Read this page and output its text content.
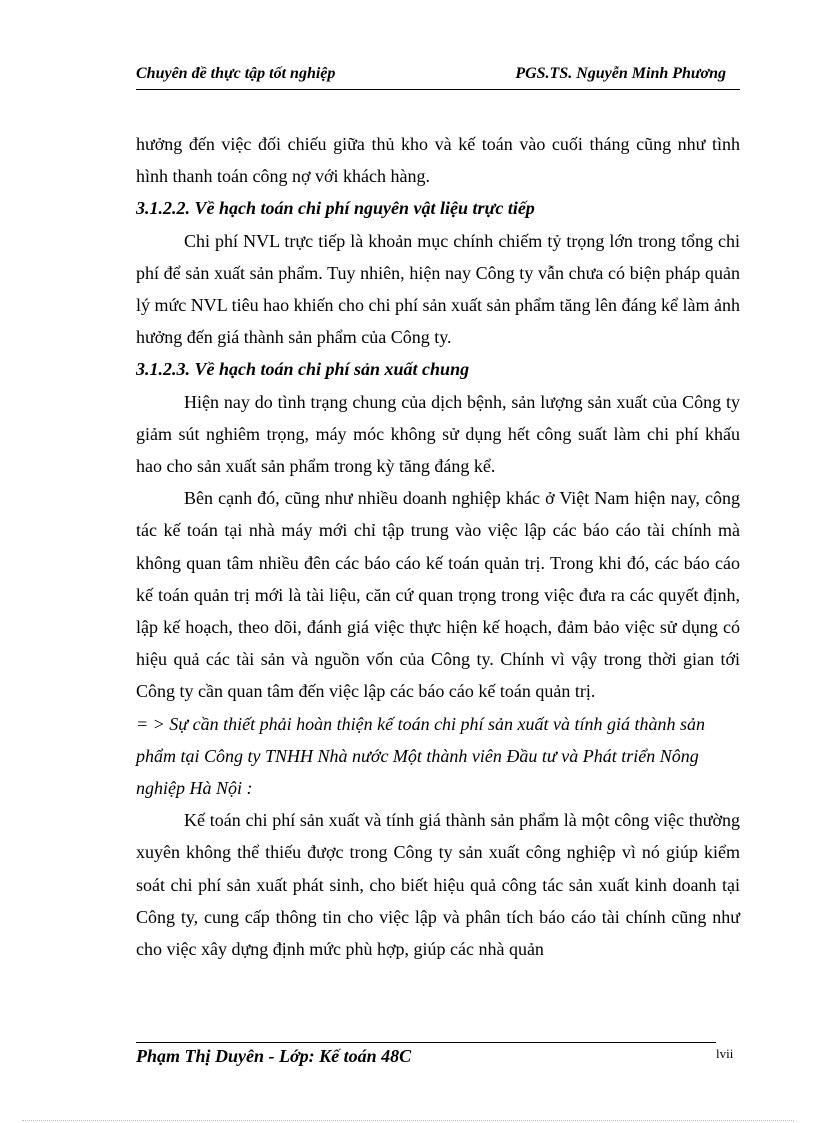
Chuyên đề thực tập tốt nghiệp	PGS.TS. Nguyễn Minh Phương

hưởng đến việc đối chiếu giữa thủ kho và kế toán vào cuối tháng cũng như tình hình thanh toán công nợ với khách hàng.

3.1.2.2. Về hạch toán chi phí nguyên vật liệu trực tiếp

Chi phí NVL trực tiếp là khoản mục chính chiếm tỷ trọng lớn trong tổng chi phí để sản xuất sản phẩm. Tuy nhiên, hiện nay Công ty vẫn chưa có biện pháp quản lý mức NVL tiêu hao khiến cho chi phí sản xuất sản phẩm tăng lên đáng kể làm ảnh hưởng đến giá thành sản phẩm của Công ty.

3.1.2.3. Về hạch toán chi phí sản xuất chung

Hiện nay do tình trạng chung của dịch bệnh, sản lượng sản xuất của Công ty giảm sút nghiêm trọng, máy móc không sử dụng hết công suất làm chi phí khấu hao cho sản xuất sản phẩm trong kỳ tăng đáng kể.

Bên cạnh đó, cũng như nhiều doanh nghiệp khác ở Việt Nam hiện nay, công tác kế toán tại nhà máy mới chỉ tập trung vào việc lập các báo cáo tài chính mà không quan tâm nhiều đên các báo cáo kế toán quản trị. Trong khi đó, các báo cáo kế toán quản trị mới là tài liệu, căn cứ quan trọng trong việc đưa ra các quyết định, lập kế hoạch, theo dõi, đánh giá việc thực hiện kế hoạch, đảm bảo việc sử dụng có hiệu quả các tài sản và nguồn vốn của Công ty. Chính vì vậy trong thời gian tới Công ty cần quan tâm đến việc lập các báo cáo kế toán quản trị.

= > Sự cần thiết phải hoàn thiện kế toán chi phí sản xuất và tính giá thành sản phẩm tại Công ty TNHH Nhà nước Một thành viên Đầu tư và Phát triển Nông nghiệp Hà Nội :

Kế toán chi phí sản xuất và tính giá thành sản phẩm là một công việc thường xuyên không thể thiếu được trong Công ty sản xuất công nghiệp vì nó giúp kiểm soát chi phí sản xuất phát sinh, cho biết hiệu quả công tác sản xuất kinh doanh tại Công ty, cung cấp thông tin cho việc lập và phân tích báo cáo tài chính cũng như cho việc xây dựng định mức phù hợp, giúp các nhà quản

Phạm Thị Duyên - Lớp: Kế toán 48C	lvii
